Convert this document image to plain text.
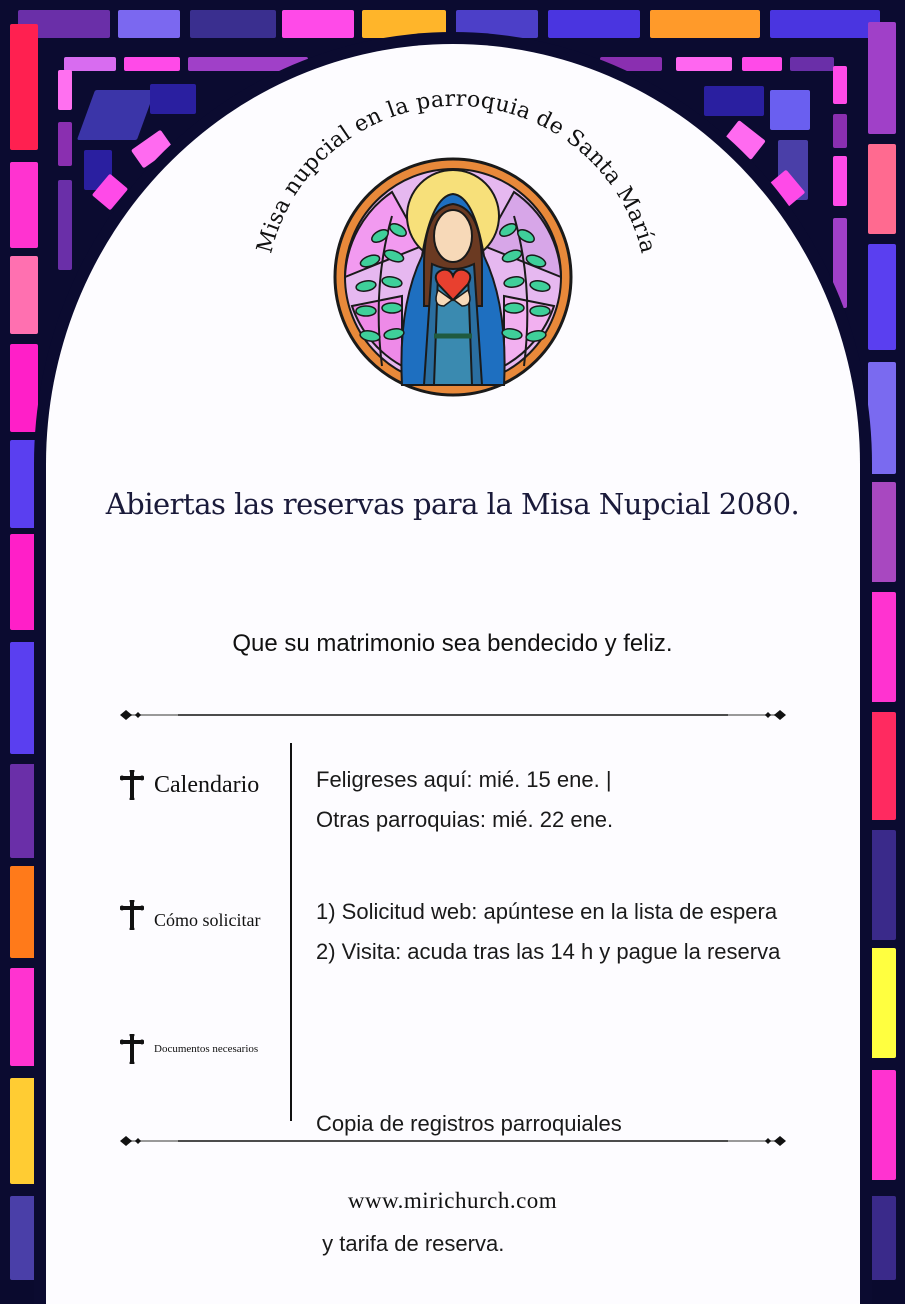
Misa nupcial en la parroquia de Santa María
Abiertas las reservas para la Misa Nupcial 2080.
Que su matrimonio sea bendecido y feliz.
Calendario	Feligreses aquí: mié. 15 ene. |
Otras parroquias: mié. 22 ene.
Cómo solicitar	1) Solicitud web: apúntese en la lista de espera
2) Visita: acuda tras las 14 h y pague la reserva
Documentos necesarios

Copia de registros parroquiales

y tarifa de reserva.

www.mirichurch.com
